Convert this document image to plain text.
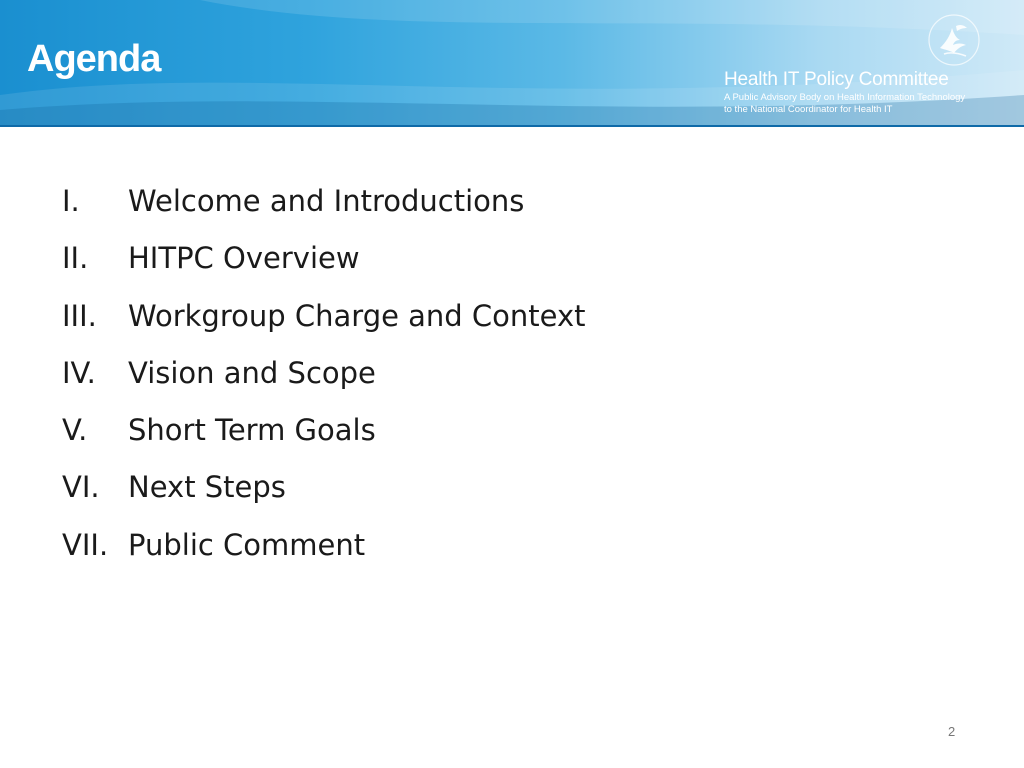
Agenda	Health IT Policy Committee
A Public Advisory Body on Health Information Technology
to the National Coordinator for Health IT
I.	Welcome and Introductions
II.	HITPC Overview
III.	Workgroup Charge and Context
IV.	Vision and Scope
V.	Short Term Goals
VI. Next Steps
VII. Public Comment
2
